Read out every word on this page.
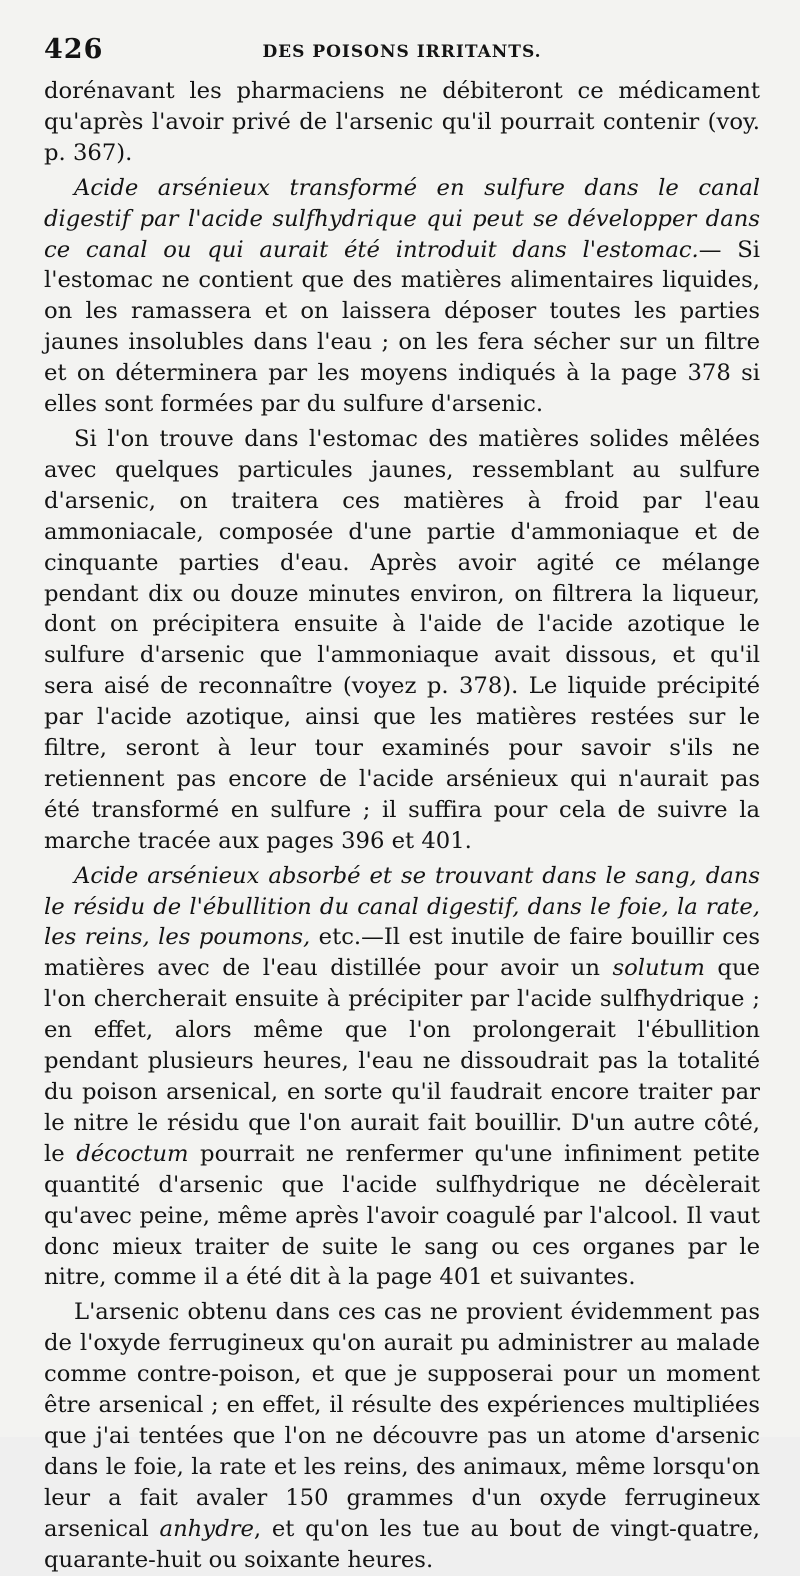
426	DES POISONS IRRITANTS.

dorénavant les pharmaciens ne débiteront ce médicament qu'après l'avoir privé de l'arsenic qu'il pourrait contenir (voy. p. 367).

Acide arsénieux transformé en sulfure dans le canal digestif par l'acide sulfhydrique qui peut se développer dans ce canal ou qui aurait été introduit dans l'estomac.— Si l'estomac ne contient que des matières alimentaires liquides, on les ramassera et on laissera déposer toutes les parties jaunes insolubles dans l'eau ; on les fera sécher sur un filtre et on déterminera par les moyens indiqués à la page 378 si elles sont formées par du sulfure d'arsenic.

Si l'on trouve dans l'estomac des matières solides mêlées avec quelques particules jaunes, ressemblant au sulfure d'arsenic, on traitera ces matières à froid par l'eau ammoniacale, composée d'une partie d'ammoniaque et de cinquante parties d'eau. Après avoir agité ce mélange pendant dix ou douze minutes environ, on filtrera la liqueur, dont on précipitera ensuite à l'aide de l'acide azotique le sulfure d'arsenic que l'ammoniaque avait dissous, et qu'il sera aisé de reconnaître (voyez p. 378). Le liquide précipité par l'acide azotique, ainsi que les matières restées sur le filtre, seront à leur tour examinés pour savoir s'ils ne retiennent pas encore de l'acide arsénieux qui n'aurait pas été transformé en sulfure ; il suffira pour cela de suivre la marche tracée aux pages 396 et 401.

Acide arsénieux absorbé et se trouvant dans le sang, dans le résidu de l'ébullition du canal digestif, dans le foie, la rate, les reins, les poumons, etc.—Il est inutile de faire bouillir ces matières avec de l'eau distillée pour avoir un solutum que l'on chercherait ensuite à précipiter par l'acide sulfhydrique ; en effet, alors même que l'on prolongerait l'ébullition pendant plusieurs heures, l'eau ne dissoudrait pas la totalité du poison arsenical, en sorte qu'il faudrait encore traiter par le nitre le résidu que l'on aurait fait bouillir. D'un autre côté, le décoctum pourrait ne renfermer qu'une infiniment petite quantité d'arsenic que l'acide sulfhydrique ne décèlerait qu'avec peine, même après l'avoir coagulé par l'alcool. Il vaut donc mieux traiter de suite le sang ou ces organes par le nitre, comme il a été dit à la page 401 et suivantes.

L'arsenic obtenu dans ces cas ne provient évidemment pas de l'oxyde ferrugineux qu'on aurait pu administrer au malade comme contre-poison, et que je supposerai pour un moment être arsenical ; en effet, il résulte des expériences multipliées que j'ai tentées que l'on ne découvre pas un atome d'arsenic dans le foie, la rate et les reins, des animaux, même lorsqu'on leur a fait avaler 150 grammes d'un oxyde ferrugineux arsenical anhydre, et qu'on les tue au bout de vingt-quatre, quarante-huit ou soixante heures.
